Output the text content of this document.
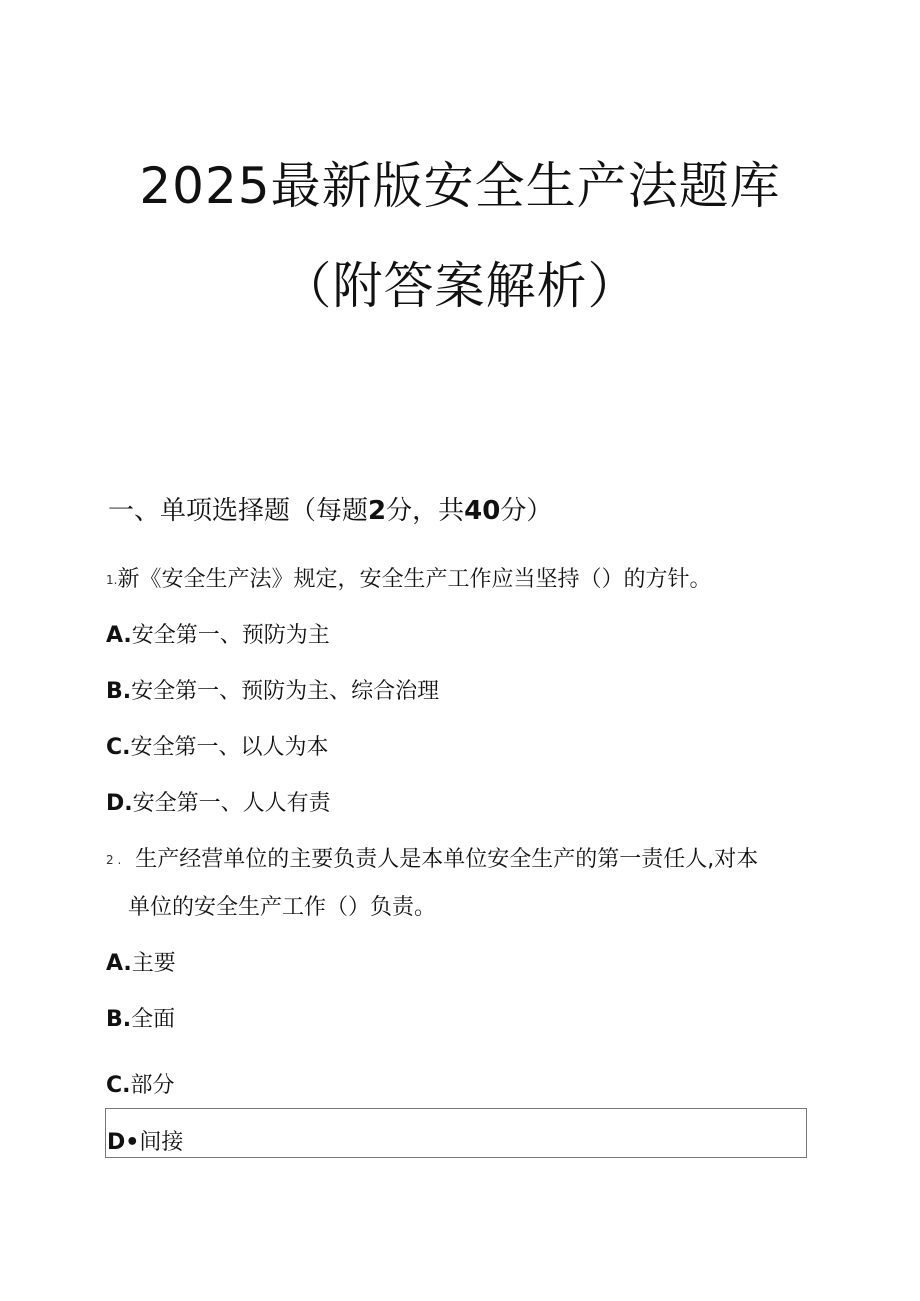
2025最新版安全生产法题库
（附答案解析）
一、单项选择题（每题2分，共40分）
1.新《安全生产法》规定，安全生产工作应当坚持（）的方针。
A.安全第一、预防为主
B.安全第一、预防为主、综合治理
C.安全第一、以人为本
D.安全第一、人人有责
2 . 生产经营单位的主要负责人是本单位安全生产的第一责任人,对本
单位的安全生产工作（）负责。
A.主要
B.全面
C.部分
D•间接
